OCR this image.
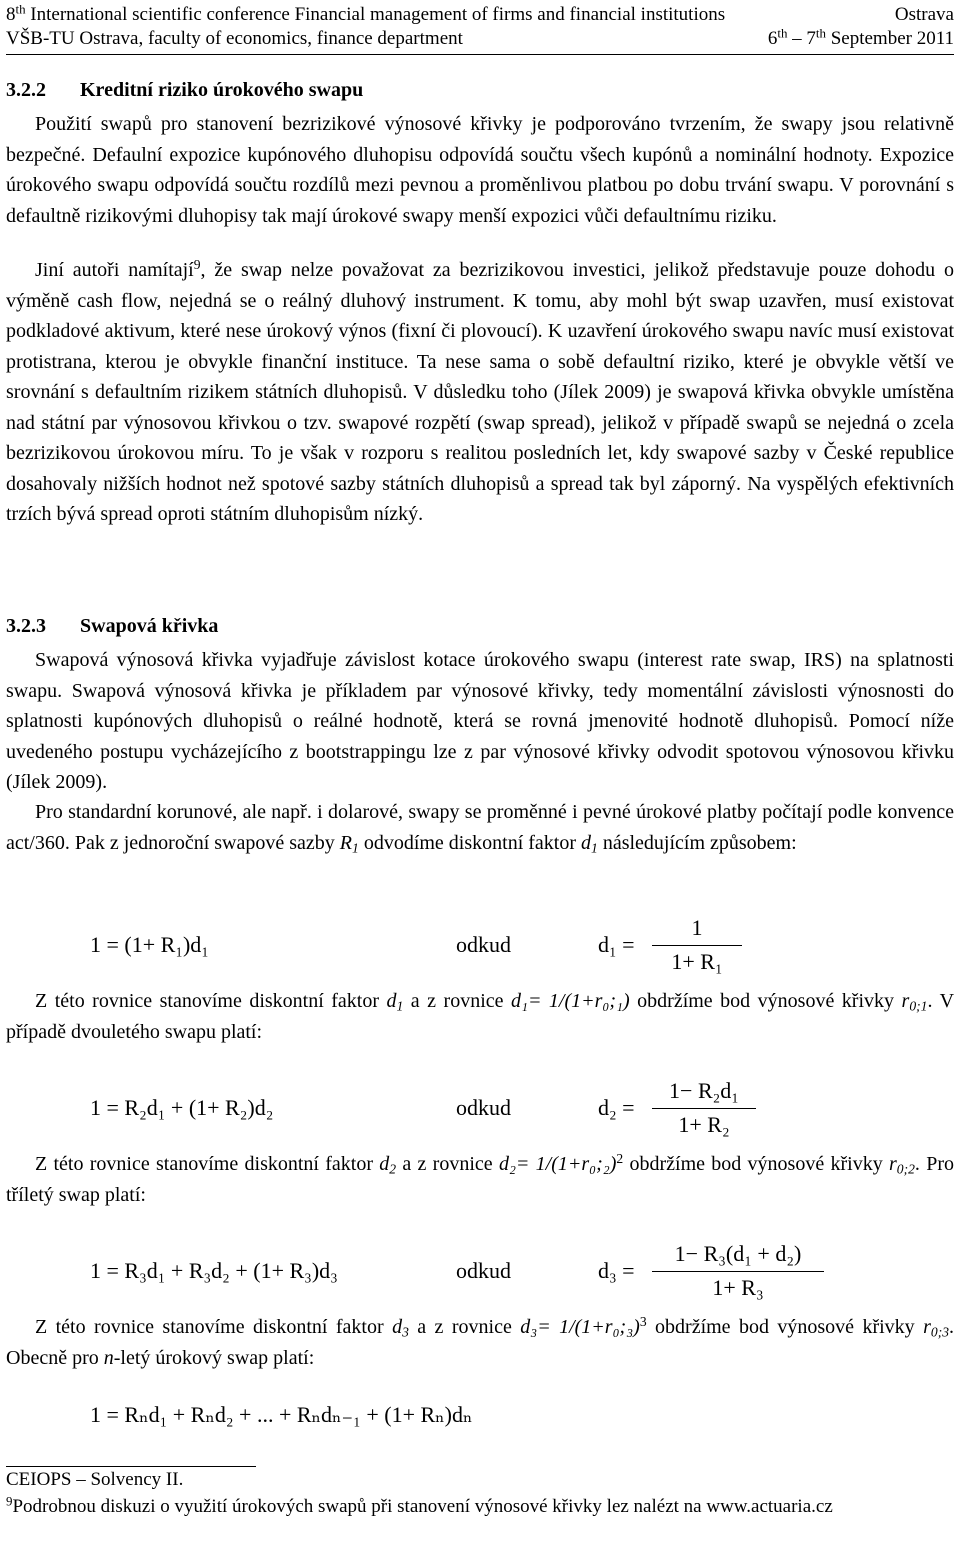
8th International scientific conference Financial management of firms and financial institutions	Ostrava
VŠB-TU Ostrava, faculty of economics, finance department	6th – 7th September 2011
3.2.2 Kreditní riziko úrokového swapu

Použití swapů pro stanovení bezrizikové výnosové křivky je podporováno tvrzením, že swapy jsou relativně bezpečné. Defaulní expozice kupónového dluhopisu odpovídá součtu všech kupónů a nominální hodnoty. Expozice úrokového swapu odpovídá součtu rozdílů mezi pevnou a proměnlivou platbou po dobu trvání swapu. V porovnání s defaultně rizikovými dluhopisy tak mají úrokové swapy menší expozici vůči defaultnímu riziku.

Jiní autoři namítají$^9$, že swap nelze považovat za bezrizikovou investici, jelikož představuje pouze dohodu o výměně cash flow, nejedná se o reálný dluhový instrument. K tomu, aby mohl být swap uzavřen, musí existovat podkladové aktivum, které nese úrokový výnos (fixní či plovoucí). K uzavření úrokového swapu navíc musí existovat protistrana, kterou je obvykle finanční instituce. Ta nese sama o sobě defaultní riziko, které je obvykle větší ve srovnání s defaultním rizikem státních dluhopisů. V důsledku toho (Jílek 2009) je swapová křivka obvykle umístěna nad státní par výnosovou křivkou o tzv. swapové rozpětí (swap spread), jelikož v případě swapů se nejedná o zcela bezrizikovou úrokovou míru. To je však v rozporu s realitou posledních let, kdy swapové sazby v České republice dosahovaly nižších hodnot než spotové sazby státních dluhopisů a spread tak byl záporný. Na vyspělých efektivních trzích bývá spread oproti státním dluhopisům nízký.

3.2.3 Swapová křivka

Swapová výnosová křivka vyjadřuje závislost kotace úrokového swapu (interest rate swap, IRS) na splatnosti swapu. Swapová výnosová křivka je příkladem par výnosové křivky, tedy momentální závislosti výnosnosti do splatnosti kupónových dluhopisů o reálné hodnotě, která se rovná jmenovité hodnotě dluhopisů. Pomocí níže uvedeného postupu vycházejícího z bootstrappingu lze z par výnosové křivky odvodit spotovou výnosovou křivku (Jílek 2009).

Pro standardní korunové, ale např. i dolarové, swapy se proměnné i pevné úrokové platby počítají podle konvence act/360. Pak z jednoroční swapové sazby $R_1$ odvodíme diskontní faktor $d_1$ následujícím způsobem:

1 = (1+ R₁)d₁	odkud	d₁ =
1
1+ R₁

Z této rovnice stanovíme diskontní faktor $d_1$ a z rovnice d₁= 1/(1+r₀;₁) obdržíme bod výnosové křivky $r_{0;1}$. V případě dvouletého swapu platí:

1 = R₂d₁ + (1+ R₂)d₂	odkud	d₂ =
1− R₂d₁
1+ R₂

Z této rovnice stanovíme diskontní faktor $d_2$ a z rovnice d₂= 1/(1+r₀;₂)$^2$ obdržíme bod výnosové křivky $r_{0;2}$. Pro tříletý swap platí:

1 = R₃d₁ + R₃d₂ + (1+ R₃)d₃	odkud	d₃ =
1− R₃(d₁ + d₂)
1+ R₃

Z této rovnice stanovíme diskontní faktor $d_3$ a z rovnice d₃= 1/(1+r₀;₃)$^3$ obdržíme bod výnosové křivky $r_{0;3}$. Obecně pro n-letý úrokový swap platí:

1 = Rₙd₁ + Rₙd₂ + ... + Rₙdₙ₋₁ + (1+ Rₙ)dₙ
CEIOPS – Solvency II.
$^9$Podrobnou diskuzi o využití úrokových swapů při stanovení výnosové křivky lez nalézt na www.actuaria.cz
